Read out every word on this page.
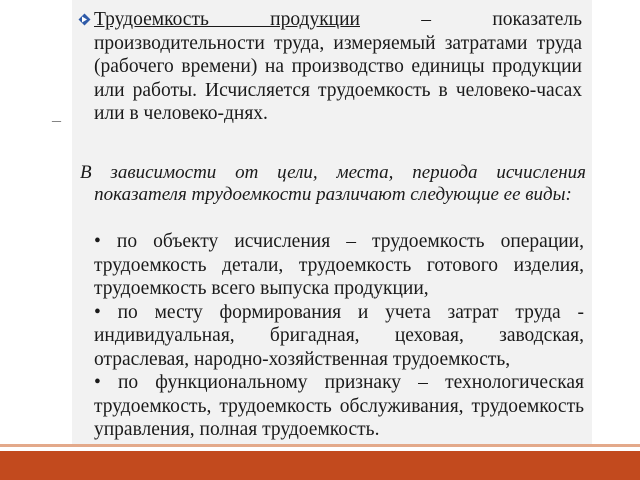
Трудоемкость продукции – показатель производительности труда, измеряемый затратами труда (рабочего времени) на производство единицы продукции или работы. Исчисляется трудоемкость в человеко-часах или в человеко-днях.

–

В зависимости от цели, места, периода исчисления показателя трудоемкости различают следующие ее виды:

• по объекту исчисления – трудоемкость операции, трудоемкость детали, трудоемкость готового изделия, трудоемкость всего выпуска продукции,
• по месту формирования и учета затрат труда - индивидуальная, бригадная, цеховая, заводская, отраслевая, народно-хозяйственная трудоемкость,
• по функциональному признаку – технологическая трудоемкость, трудоемкость обслуживания, трудоемкость управления, полная трудоемкость.
